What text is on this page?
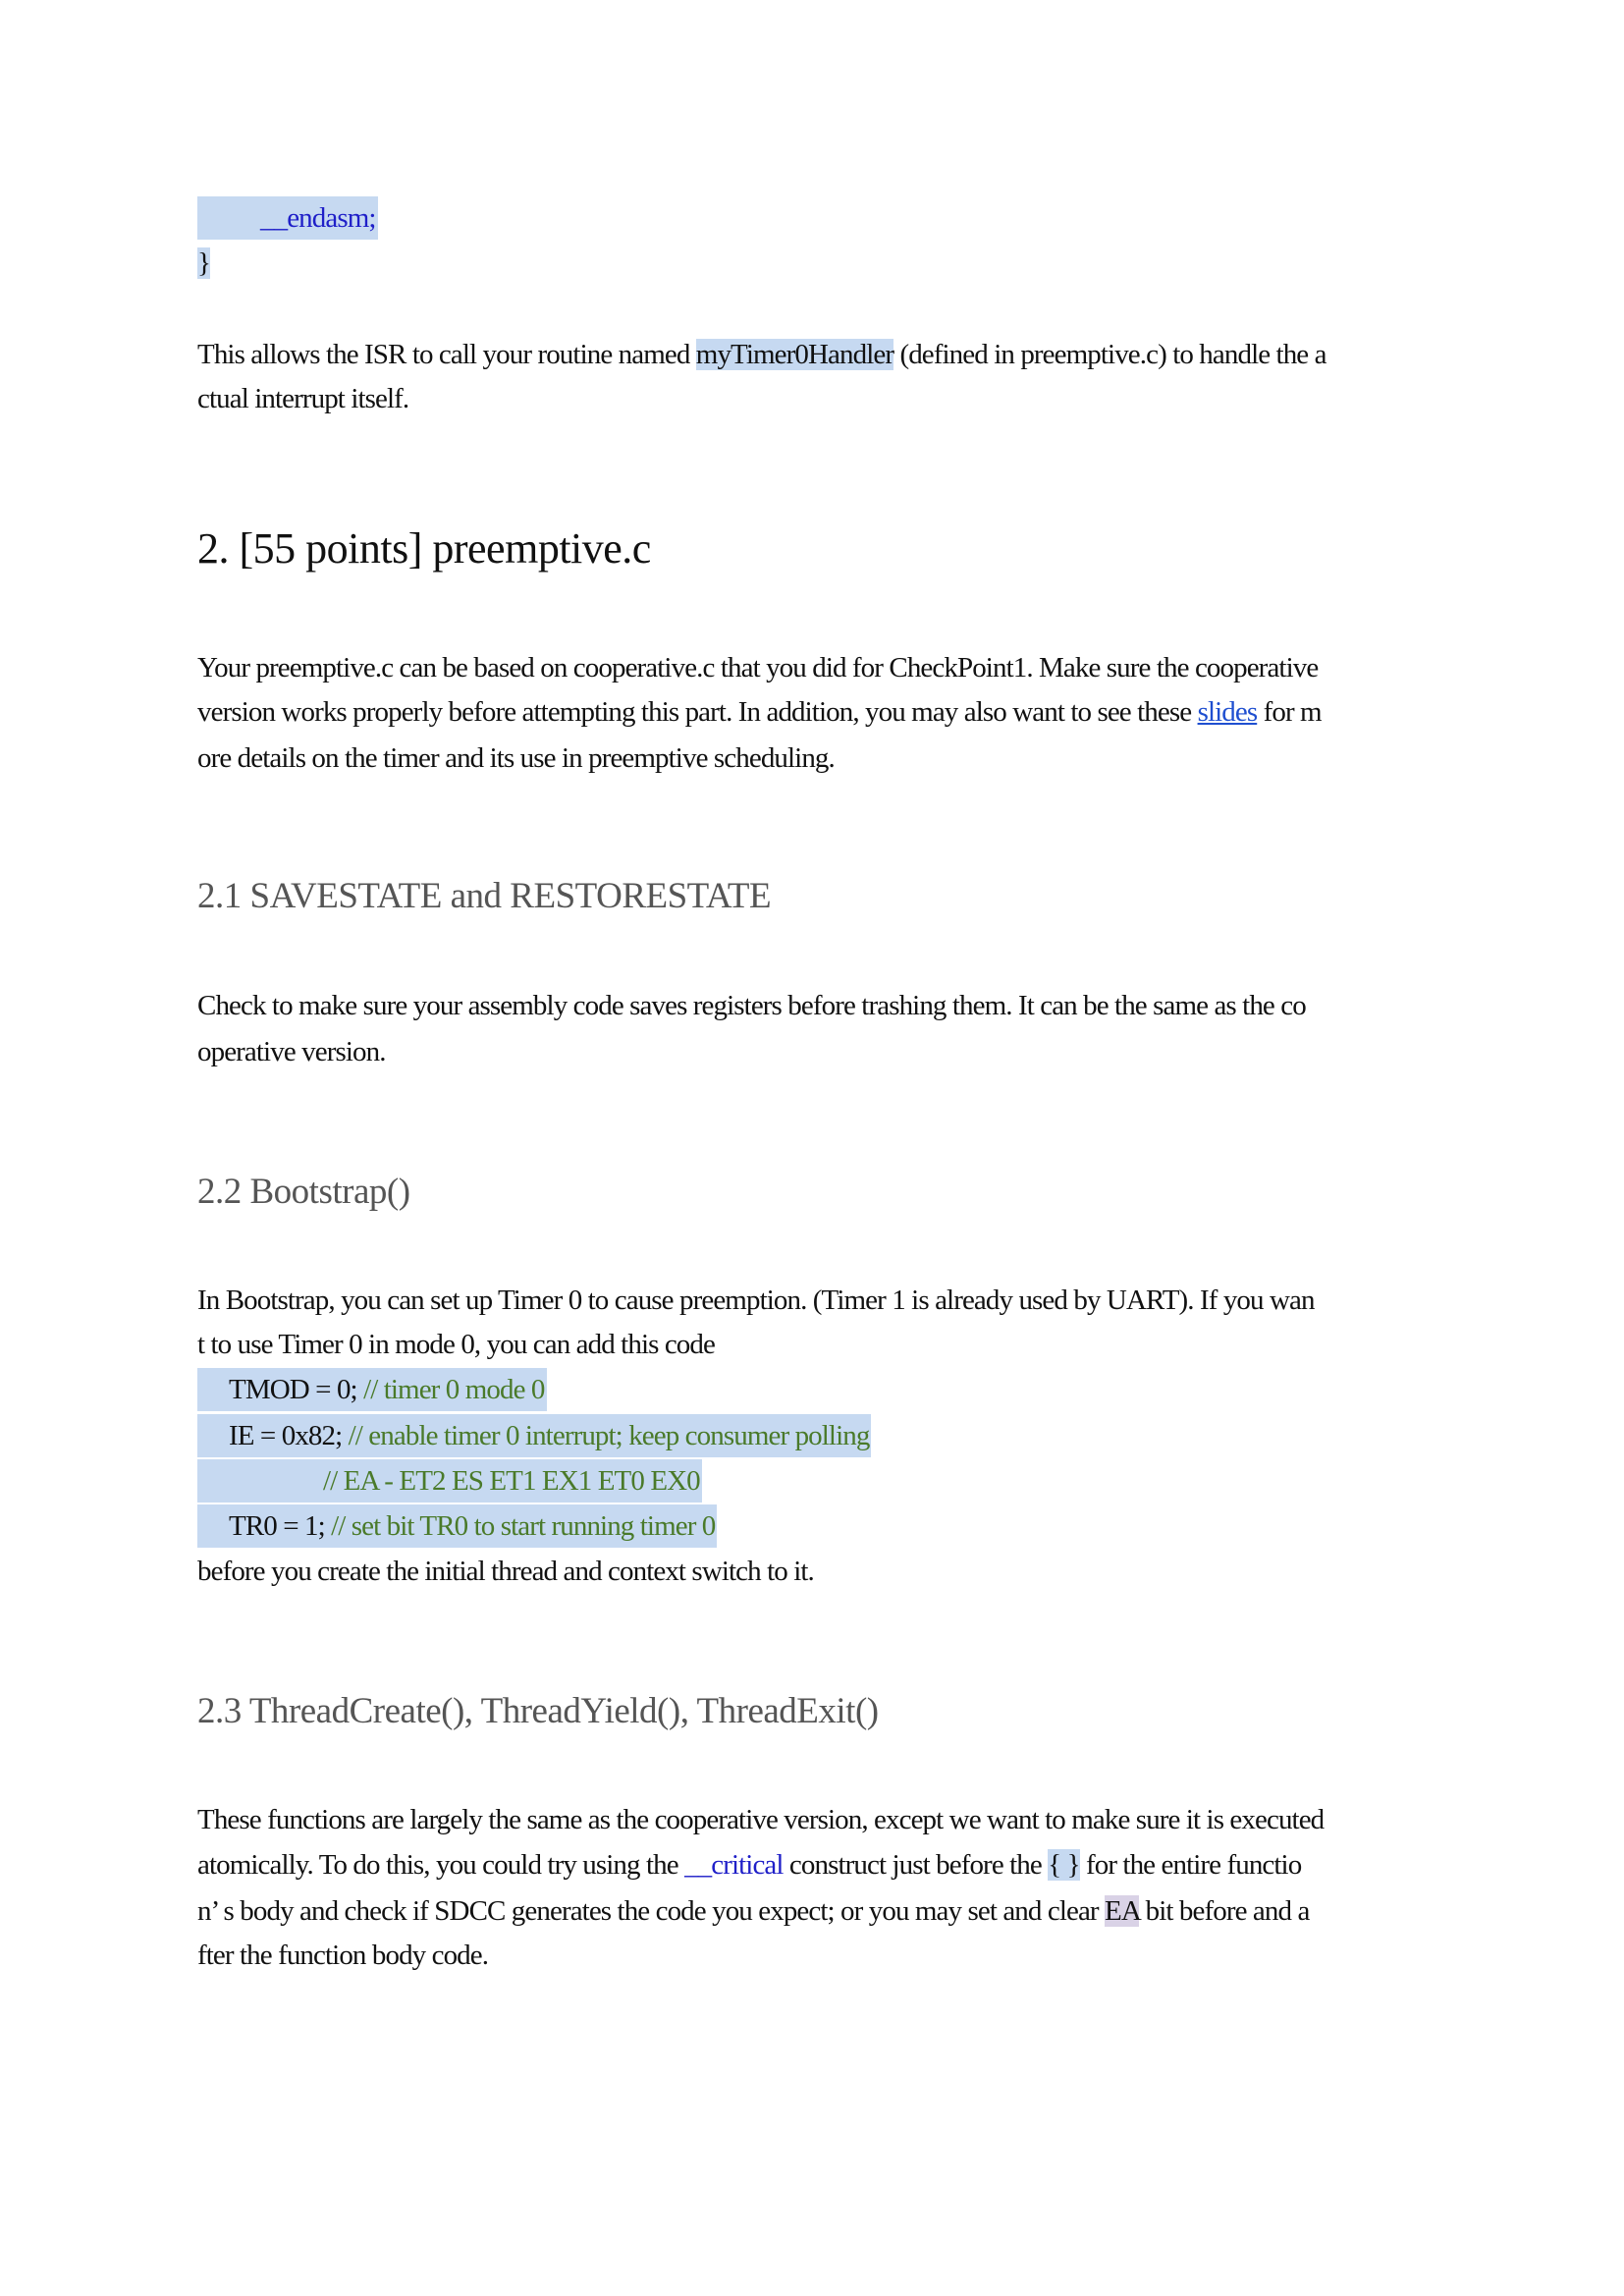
__endasm;
}
This allows the ISR to call your routine named myTimer0Handler (defined in preemptive.c) to handle the a
ctual interrupt itself.
2. [55 points] preemptive.c
Your preemptive.c can be based on cooperative.c that you did for CheckPoint1. Make sure the cooperative
version works properly before attempting this part. In addition, you may also want to see these slides for m
ore details on the timer and its use in preemptive scheduling.
2.1 SAVESTATE and RESTORESTATE
Check to make sure your assembly code saves registers before trashing them. It can be the same as the co
operative version.
2.2 Bootstrap()
In Bootstrap, you can set up Timer 0 to cause preemption. (Timer 1 is already used by UART). If you wan
t to use Timer 0 in mode 0, you can add this code
TMOD = 0; // timer 0 mode 0
IE = 0x82; // enable timer 0 interrupt; keep consumer polling
// EA - ET2 ES ET1 EX1 ET0 EX0
TR0 = 1; // set bit TR0 to start running timer 0
before you create the initial thread and context switch to it.
2.3 ThreadCreate(), ThreadYield(), ThreadExit()
These functions are largely the same as the cooperative version, except we want to make sure it is executed
atomically. To do this, you could try using the __critical construct just before the { } for the entire functio
n’ s body and check if SDCC generates the code you expect; or you may set and clear EA bit before and a
fter the function body code.
